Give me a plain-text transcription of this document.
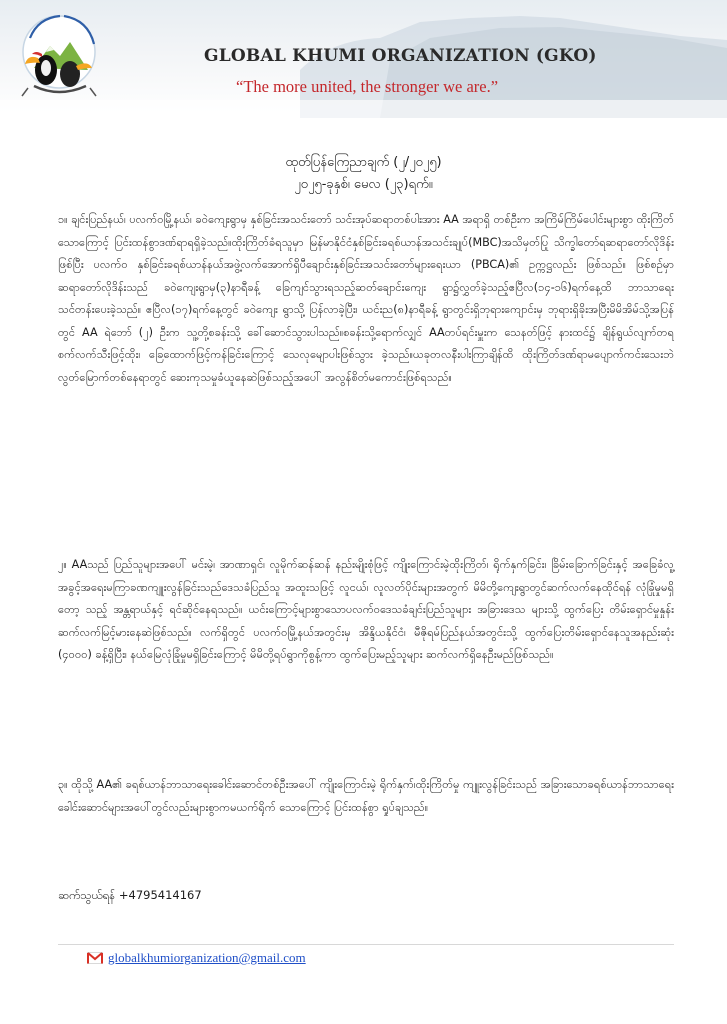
GLOBAL KHUMI ORGANIZATION (GKO)
“The more united, the stronger we are.”
ထုတ်ပြန်ကြေညာချက် (၂/၂၀၂၅)
၂၀၂၅-ခုနှစ်၊ မေလ (၂၃)ရက်။

၁။ ချင်းပြည်နယ်၊ ပလက်ဝမြို့နယ်၊ ခဝဲကျေးရွာမှ နှစ်ခြင်းအသင်းတော် သင်းအုပ်ဆရာတစ်ပါးအား AA အရာရှိ တစ်ဦးက အကြိမ်ကြိမ်ပေါင်းများစွာ ထိုးကြိတ်သောကြောင့် ပြင်းထန်စွာဒဏ်ရာရရှိခဲ့သည်။ထိုးကြိတ်ခံရသူမှာ မြန်မာနိုင်ငံနှစ်ခြင်းခရစ်ယာန်အသင်းချုပ်(MBC)အသိမှတ်ပြု သိက္ခါတော်ရဆရာတော်လိုဒိန်းဖြစ်ပြီး ပလက်ဝ နှစ်ခြင်းခရစ်ယာန်နယ်အဖွဲ့လက်အောက်ရှိပီချောင်းနှစ်ခြင်းအသင်းတော်များရေးယာ (PBCA)၏ ဥက္ကဋ္ဌလည်း ဖြစ်သည်။ ဖြစ်စဉ်မှာဆရာတော်လိုဒိန်းသည် ခဝဲကျေးရွာမှ(၃)နာရီခန့် ခြေကျင်သွားရသည့်ဆတ်ချောင်းကျေး ရွာ၌လွှတ်ခဲ့သည့်ဧပြီလ(၁၄-၁၆)ရက်နေ့ထိ ဘာသာရေးသင်တန်းပေးခဲ့သည်။ ဧပြီလ(၁၇)ရက်နေ့တွင် ခဝဲကျေး ရွာသို့ ပြန်လာခဲ့ပြီး၊ ယင်းည(၈)နာရီခန့် ရွာတွင်းရှိဘုရားကျောင်းမှ ဘုရားရှိခိုးအပြီးမိမိအိမ်သို့အပြန်တွင် AA ရဲဘော် (၂) ဦးက သူ့တို့စခန်းသို့ ခေါ်ဆောင်သွားပါသည်။စခန်းသို့ရောက်လျှင် AAတပ်ရင်းမှူးက သေနတ်ဖြင့် နားထင်၌ ချိန်ရွယ်လျက်တရစက်လက်သီးဖြင့်ထိုး၊ ခြေထောက်ဖြင့်ကန်ခြင်းကြောင့် သေလုမျောပါးဖြစ်သွား ခဲ့သည်။ယခုတလနီးပါးကြာချိန်ထိ ထိုးကြိတ်ဒဏ်ရာမပျောက်ကင်းသေးဘဲ လွတ်မြောက်တစ်နေရာတွင် ဆေးကုသမှုခံယူနေဆဲဖြစ်သည့်အပေါ် အလွန်စိတ်မကောင်းဖြစ်ရသည်။

၂။ AAသည် ပြည်သူများအပေါ် မင်းမဲ့၊ အာဏာရှင်၊ လူမိုက်ဆန်ဆန် နည်းမျိုးစုံဖြင့် ကျိုးကြောင်းမဲ့ထိုးကြိတ်၊ ရိုက်နှက်ခြင်း၊ ခြိမ်းခြောက်ခြင်းနှင့် အခြေခံလူ့အခွင့်အရေးမကြာခဏကျူးလွန်ခြင်းသည်ဒေသခံပြည်သူ အထူးသဖြင့် လူငယ်၊ လူလတ်ပိုင်းများအတွက် မိမိတို့ကျေးရွာတွင်ဆက်လက်နေထိုင်ရန် လုံခြုံမှုမရှိတော့ သည့် အန္တရာယ်နှင့် ရင်ဆိုင်နေရသည်။ ယင်းကြောင့်များစွာသောပလက်ဝဒေသခံချင်းပြည်သူများ အခြားဒေသ များသို့ ထွက်ပြေး တိမ်းရှောင်မှုနှုန်းဆက်လက်မြင့်မားနေဆဲဖြစ်သည်။ လက်ရှိတွင် ပလက်ဝမြို့နယ်အတွင်းမှ အိန္ဒိယနိုင်ငံ၊ မီဇိုရမ်ပြည်နယ်အတွင်းသို့ ထွက်ပြေးတိမ်းရှောင်နေသူအနည်းဆုံး (၄၀၀၀) ခန့်ရှိပြီး၊ နယ်မြေလုံခြုံမှုမရှိခြင်းကြောင့် မိမိတို့ရပ်ရွာကိုစွန့်ကာ ထွက်ပြေးမည့်သူများ ဆက်လက်ရှိနေဦးမည်ဖြစ်သည်။

၃။ ထိုသို့ AA၏ ခရစ်ယာန်ဘာသာရေးခေါင်းဆောင်တစ်ဦးအပေါ် ကျိုးကြောင်းမဲ့ ရိုက်နှက်၊ထိုးကြိတ်မှု ကျူးလွန်ခြင်းသည် အခြားသောခရစ်ယာန်ဘာသာရေးခေါင်းဆောင်များအပေါ်တွင်လည်းများစွာကမယက်ရိုက် သောကြောင့် ပြင်းထန်စွာ ရှုပ်ချသည်။

ဆက်သွယ်ရန် +4795414167
globalkhumiorganization@gmail.com
